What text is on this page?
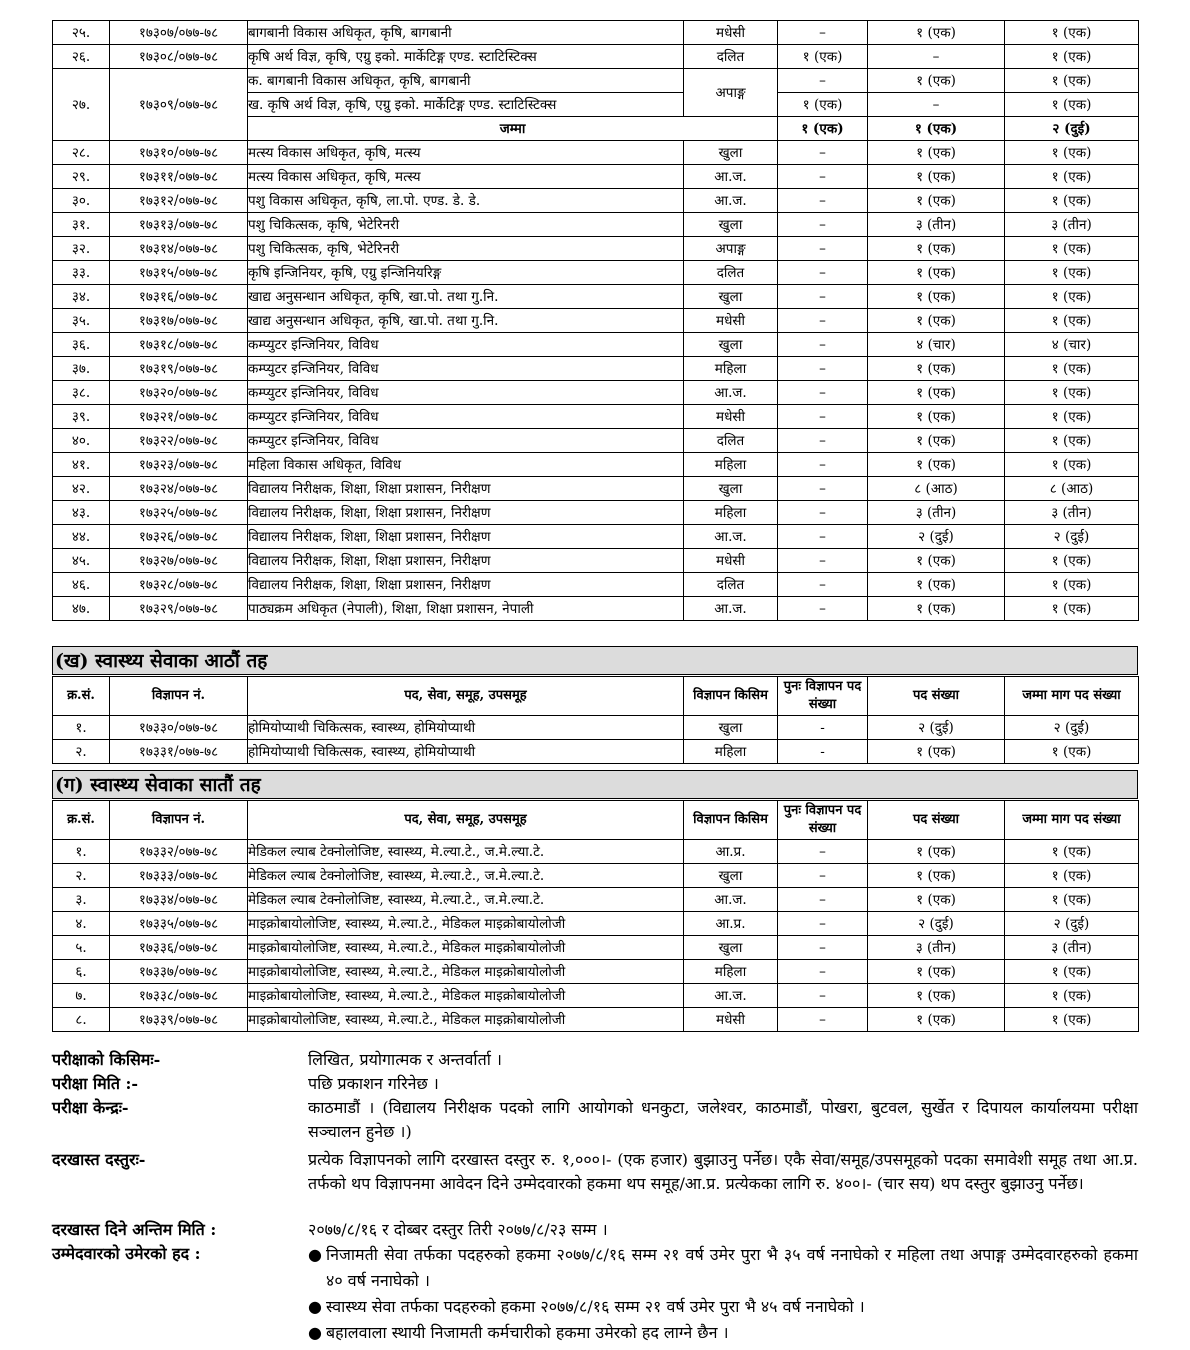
२५.	१७३०७/०७७-७८	बागबानी विकास अधिकृत, कृषि, बागबानी	मधेसी	–	१ (एक)	१ (एक)
२६.	१७३०८/०७७-७८	कृषि अर्थ विज्ञ, कृषि, एग्रु इको. मार्केटिङ्ग एण्ड. स्टाटिस्टिक्स	दलित	१ (एक)	–	१ (एक)
२७.	१७३०९/०७७-७८	क. बागबानी विकास अधिकृत, कृषि, बागबानी	अपाङ्ग	–	१ (एक)	१ (एक)
		ख. कृषि अर्थ विज्ञ, कृषि, एग्रु इको. मार्केटिङ्ग एण्ड. स्टाटिस्टिक्स		१ (एक)	–	१ (एक)
		जम्मा		१ (एक)	१ (एक)	२ (दुई)
२८.	१७३१०/०७७-७८	मत्स्य विकास अधिकृत, कृषि, मत्स्य	खुला	–	१ (एक)	१ (एक)
२९.	१७३११/०७७-७८	मत्स्य विकास अधिकृत, कृषि, मत्स्य	आ.ज.	–	१ (एक)	१ (एक)
३०.	१७३१२/०७७-७८	पशु विकास अधिकृत, कृषि, ला.पो. एण्ड. डे. डे.	आ.ज.	–	१ (एक)	१ (एक)
३१.	१७३१३/०७७-७८	पशु चिकित्सक, कृषि, भेटेरिनरी	खुला	–	३ (तीन)	३ (तीन)
३२.	१७३१४/०७७-७८	पशु चिकित्सक, कृषि, भेटेरिनरी	अपाङ्ग	–	१ (एक)	१ (एक)
३३.	१७३१५/०७७-७८	कृषि इन्जिनियर, कृषि, एग्रु इन्जिनियरिङ्ग	दलित	–	१ (एक)	१ (एक)
३४.	१७३१६/०७७-७८	खाद्य अनुसन्धान अधिकृत, कृषि, खा.पो. तथा गु.नि.	खुला	–	१ (एक)	१ (एक)
३५.	१७३१७/०७७-७८	खाद्य अनुसन्धान अधिकृत, कृषि, खा.पो. तथा गु.नि.	मधेसी	–	१ (एक)	१ (एक)
३६.	१७३१८/०७७-७८	कम्प्युटर इन्जिनियर, विविध	खुला	–	४ (चार)	४ (चार)
३७.	१७३१९/०७७-७८	कम्प्युटर इन्जिनियर, विविध	महिला	–	१ (एक)	१ (एक)
३८.	१७३२०/०७७-७८	कम्प्युटर इन्जिनियर, विविध	आ.ज.	–	१ (एक)	१ (एक)
३९.	१७३२१/०७७-७८	कम्प्युटर इन्जिनियर, विविध	मधेसी	–	१ (एक)	१ (एक)
४०.	१७३२२/०७७-७८	कम्प्युटर इन्जिनियर, विविध	दलित	–	१ (एक)	१ (एक)
४१.	१७३२३/०७७-७८	महिला विकास अधिकृत, विविध	महिला	–	१ (एक)	१ (एक)
४२.	१७३२४/०७७-७८	विद्यालय निरीक्षक, शिक्षा, शिक्षा प्रशासन, निरीक्षण	खुला	–	८ (आठ)	८ (आठ)
४३.	१७३२५/०७७-७८	विद्यालय निरीक्षक, शिक्षा, शिक्षा प्रशासन, निरीक्षण	महिला	–	३ (तीन)	३ (तीन)
४४.	१७३२६/०७७-७८	विद्यालय निरीक्षक, शिक्षा, शिक्षा प्रशासन, निरीक्षण	आ.ज.	–	२ (दुई)	२ (दुई)
४५.	१७३२७/०७७-७८	विद्यालय निरीक्षक, शिक्षा, शिक्षा प्रशासन, निरीक्षण	मधेसी	–	१ (एक)	१ (एक)
४६.	१७३२८/०७७-७८	विद्यालय निरीक्षक, शिक्षा, शिक्षा प्रशासन, निरीक्षण	दलित	–	१ (एक)	१ (एक)
४७.	१७३२९/०७७-७८	पाठ्यक्रम अधिकृत (नेपाली), शिक्षा, शिक्षा प्रशासन, नेपाली	आ.ज.	–	१ (एक)	१ (एक)
(ख) स्वास्थ्य सेवाका आठौं तह
क्र.सं.	विज्ञापन नं.	पद, सेवा, समूह, उपसमूह	विज्ञापन किसिम	पुनः विज्ञापन पद संख्या	पद संख्या	जम्मा माग पद संख्या
१.	१७३३०/०७७-७८	होमियोप्याथी चिकित्सक, स्वास्थ्य, होमियोप्याथी	खुला	-	२ (दुई)	२ (दुई)
२.	१७३३१/०७७-७८	होमियोप्याथी चिकित्सक, स्वास्थ्य, होमियोप्याथी	महिला	-	१ (एक)	१ (एक)
(ग) स्वास्थ्य सेवाका सातौं तह
क्र.सं.	विज्ञापन नं.	पद, सेवा, समूह, उपसमूह	विज्ञापन किसिम	पुनः विज्ञापन पद संख्या	पद संख्या	जम्मा माग पद संख्या
१.	१७३३२/०७७-७८	मेडिकल ल्याब टेक्नोलोजिष्ट, स्वास्थ्य, मे.ल्या.टे., ज.मे.ल्या.टे.	आ.प्र.	–	१ (एक)	१ (एक)
२.	१७३३३/०७७-७८	मेडिकल ल्याब टेक्नोलोजिष्ट, स्वास्थ्य, मे.ल्या.टे., ज.मे.ल्या.टे.	खुला	–	१ (एक)	१ (एक)
३.	१७३३४/०७७-७८	मेडिकल ल्याब टेक्नोलोजिष्ट, स्वास्थ्य, मे.ल्या.टे., ज.मे.ल्या.टे.	आ.ज.	–	१ (एक)	१ (एक)
४.	१७३३५/०७७-७८	माइक्रोबायोलोजिष्ट, स्वास्थ्य, मे.ल्या.टे., मेडिकल माइक्रोबायोलोजी	आ.प्र.	–	२ (दुई)	२ (दुई)
५.	१७३३६/०७७-७८	माइक्रोबायोलोजिष्ट, स्वास्थ्य, मे.ल्या.टे., मेडिकल माइक्रोबायोलोजी	खुला	–	३ (तीन)	३ (तीन)
६.	१७३३७/०७७-७८	माइक्रोबायोलोजिष्ट, स्वास्थ्य, मे.ल्या.टे., मेडिकल माइक्रोबायोलोजी	महिला	–	१ (एक)	१ (एक)
७.	१७३३८/०७७-७८	माइक्रोबायोलोजिष्ट, स्वास्थ्य, मे.ल्या.टे., मेडिकल माइक्रोबायोलोजी	आ.ज.	–	१ (एक)	१ (एक)
८.	१७३३९/०७७-७८	माइक्रोबायोलोजिष्ट, स्वास्थ्य, मे.ल्या.टे., मेडिकल माइक्रोबायोलोजी	मधेसी	–	१ (एक)	१ (एक)
परीक्षाको किसिमः-	लिखित, प्रयोगात्मक र अन्तर्वार्ता ।
परीक्षा मिति :-	पछि प्रकाशन गरिनेछ ।
परीक्षा केन्द्रः-	काठमाडौं । (विद्यालय निरीक्षक पदको लागि आयोगको धनकुटा, जलेश्वर, काठमाडौं, पोखरा, बुटवल, सुर्खेत र दिपायल कार्यालयमा परीक्षा सञ्चालन हुनेछ ।)
दरखास्त दस्तुरः-	प्रत्येक विज्ञापनको लागि दरखास्त दस्तुर रु. १,०००।- (एक हजार) बुझाउनु पर्नेछ। एकै सेवा/समूह/उपसमूहको पदका समावेशी समूह तथा आ.प्र. तर्फको थप विज्ञापनमा आवेदन दिने उम्मेदवारको हकमा थप समूह/आ.प्र. प्रत्येकका लागि रु. ४००।- (चार सय) थप दस्तुर बुझाउनु पर्नेछ।
दरखास्त दिने अन्तिम मिति :	२०७७/८/१६ र दोब्बर दस्तुर तिरी २०७७/८/२३ सम्म ।
उम्मेदवारको उमेरको हद :	● निजामती सेवा तर्फका पदहरुको हकमा २०७७/८/१६ सम्म २१ वर्ष उमेर पुरा भै ३५ वर्ष ननाघेको र महिला तथा अपाङ्ग उम्मेदवारहरुको हकमा ४० वर्ष ननाघेको ।
● स्वास्थ्य सेवा तर्फका पदहरुको हकमा २०७७/८/१६ सम्म २१ वर्ष उमेर पुरा भै ४५ वर्ष ननाघेको ।
● बहालवाला स्थायी निजामती कर्मचारीको हकमा उमेरको हद लाग्ने छैन ।
